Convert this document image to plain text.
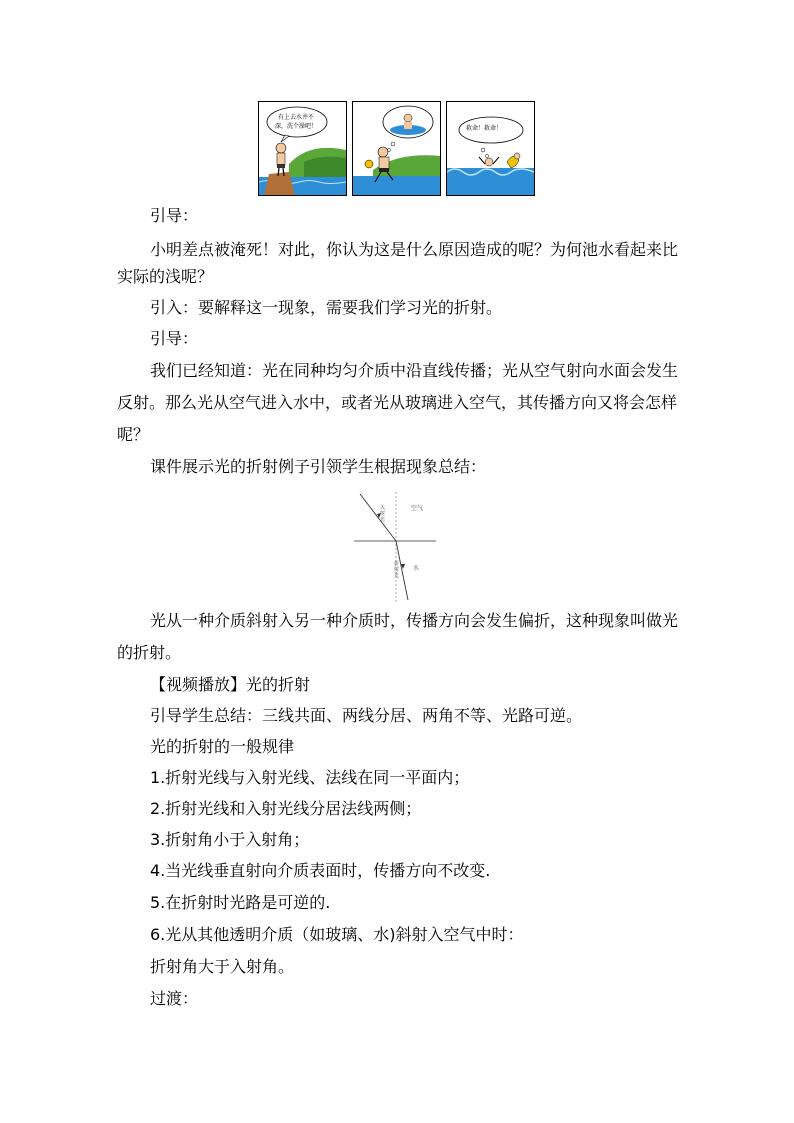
引导：
小明差点被淹死！对此，你认为这是什么原因造成的呢？为何池水看起来比
实际的浅呢？
引入：要解释这一现象，需要我们学习光的折射。
引导：
我们已经知道：光在同种均匀介质中沿直线传播；光从空气射向水面会发生
反射。那么光从空气进入水中，或者光从玻璃进入空气，其传播方向又将会怎样
呢？
课件展示光的折射例子引领学生根据现象总结：
空气
水
入
射
光
折
射
光
光从一种介质斜射入另一种介质时，传播方向会发生偏折，这种现象叫做光
的折射。
【视频播放】光的折射
引导学生总结：三线共面、两线分居、两角不等、光路可逆。
光的折射的一般规律
1.折射光线与入射光线、法线在同一平面内；
2.折射光线和入射光线分居法线两侧；
3.折射角小于入射角；
4.当光线垂直射向介质表面时，传播方向不改变.
5.在折射时光路是可逆的.
6.光从其他透明介质（如玻璃、水)斜射入空气中时：
折射角大于入射角。
过渡：
有上去水井不
深，洗个澡吧！	救命！救命！
